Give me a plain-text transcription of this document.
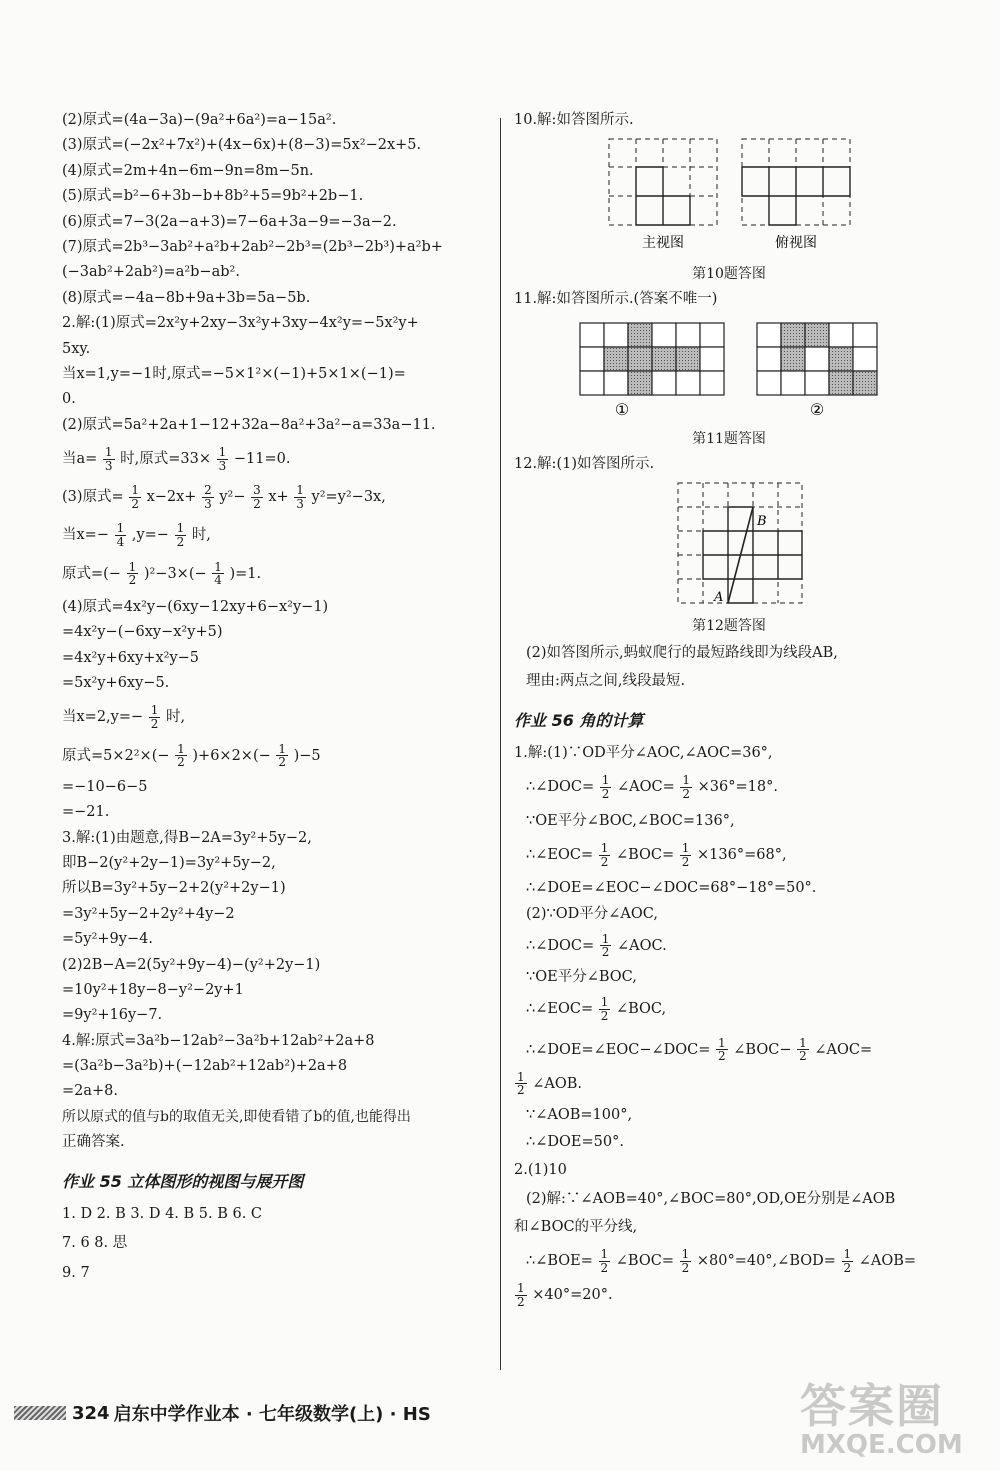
(2)原式=(4a−3a)−(9a²+6a²)=a−15a².
(3)原式=(−2x²+7x²)+(4x−6x)+(8−3)=5x²−2x+5.
(4)原式=2m+4n−6m−9n=8m−5n.
(5)原式=b²−6+3b−b+8b²+5=9b²+2b−1.
(6)原式=7−3(2a−a+3)=7−6a+3a−9=−3a−2.
(7)原式=2b³−3ab²+a²b+2ab²−2b³=(2b³−2b³)+a²b+
(−3ab²+2ab²)=a²b−ab².
(8)原式=−4a−8b+9a+3b=5a−5b.
2.解:(1)原式=2x²y+2xy−3x²y+3xy−4x²y=−5x²y+
5xy.
当x=1,y=−1时,原式=−5×1²×(−1)+5×1×(−1)=
0.
(2)原式=5a²+2a+1−12+32a−8a²+3a²−a=33a−11.
当$a= \frac{1}{3}$ 时,原式$=33\times \frac{1}{3} -11=0$.
(3)原式= $\frac{1}{2} x-2x+ \frac{2}{3} y^2- \frac{3}{2} x+ \frac{1}{3} y^2=y^2-3x$,
当$x=- \frac{1}{4} ,y=- \frac{1}{2}$ 时,
原式=(− $\frac{1}{2} )^2-3\times(- \frac{1}{4} )=1$.
(4)原式=4x²y−(6xy−12xy+6−x²y−1)
=4x²y−(−6xy−x²y+5)
=4x²y+6xy+x²y−5
=5x²y+6xy−5.
当$x=2,y=- \frac{1}{2}$ 时,
原式$=5\times 2^2\times(- \frac{1}{2} )+6\times 2\times(- \frac{1}{2} )-5$
=−10−6−5
=−21.
3.解:(1)由题意,得B−2A=3y²+5y−2,
即B−2(y²+2y−1)=3y²+5y−2,
所以B=3y²+5y−2+2(y²+2y−1)
=3y²+5y−2+2y²+4y−2
=5y²+9y−4.
(2)2B−A=2(5y²+9y−4)−(y²+2y−1)
=10y²+18y−8−y²−2y+1
=9y²+16y−7.
4.解:原式=3a²b−12ab²−3a²b+12ab²+2a+8
=(3a²b−3a²b)+(−12ab²+12ab²)+2a+8
=2a+8.
所以原式的值与b的取值无关,即使看错了b的值,也能得出
正确答案.
作业 55 立体图形的视图与展开图
1. D 2. B 3. D 4. B 5. B 6. C
7. 6 8. 思
9. 7
10.解:如答图所示.
主视图	俯视图
第10题答图
11.解:如答图所示.(答案不唯一)
①	②
第11题答图
12.解:(1)如答图所示.
A
B
第12题答图
(2)如答图所示,蚂蚁爬行的最短路线即为线段AB,
理由:两点之间,线段最短.
作业 56 角的计算
1.解:(1)∵OD平分∠AOC,∠AOC=36°,
∴∠DOC= $\frac{1}{2}$ ∠AOC= $\frac{1}{2} \times 36^\circ=18^\circ$.
∵OE平分∠BOC,∠BOC=136°,
∴∠EOC= $\frac{1}{2}$ ∠BOC= $\frac{1}{2} \times 136^\circ=68^\circ$,
∴∠DOE=∠EOC−∠DOC=68°−18°=50°.
(2)∵OD平分∠AOC,
∴∠DOC= $\frac{1}{2}$ ∠AOC.
∵OE平分∠BOC,
∴∠EOC= $\frac{1}{2}$ ∠BOC,
∴∠DOE=∠EOC−∠DOC= $\frac{1}{2}$ ∠BOC− $\frac{1}{2}$ ∠AOC=
$\frac{1}{2}$ ∠AOB.
∵∠AOB=100°,
∴∠DOE=50°.
2.(1)10
(2)解:∵∠AOB=40°,∠BOC=80°,OD,OE分别是∠AOB
和∠BOC的平分线,
∴∠BOE= $\frac{1}{2}$ ∠BOC= $\frac{1}{2}$ ×80°=40°,∠BOD= $\frac{1}{2}$ ∠AOB=
$\frac{1}{2} \times 40^\circ=20^\circ$.
324 启东中学作业本 · 七年级数学(上) · HS	答案圈
MXQE.COM
